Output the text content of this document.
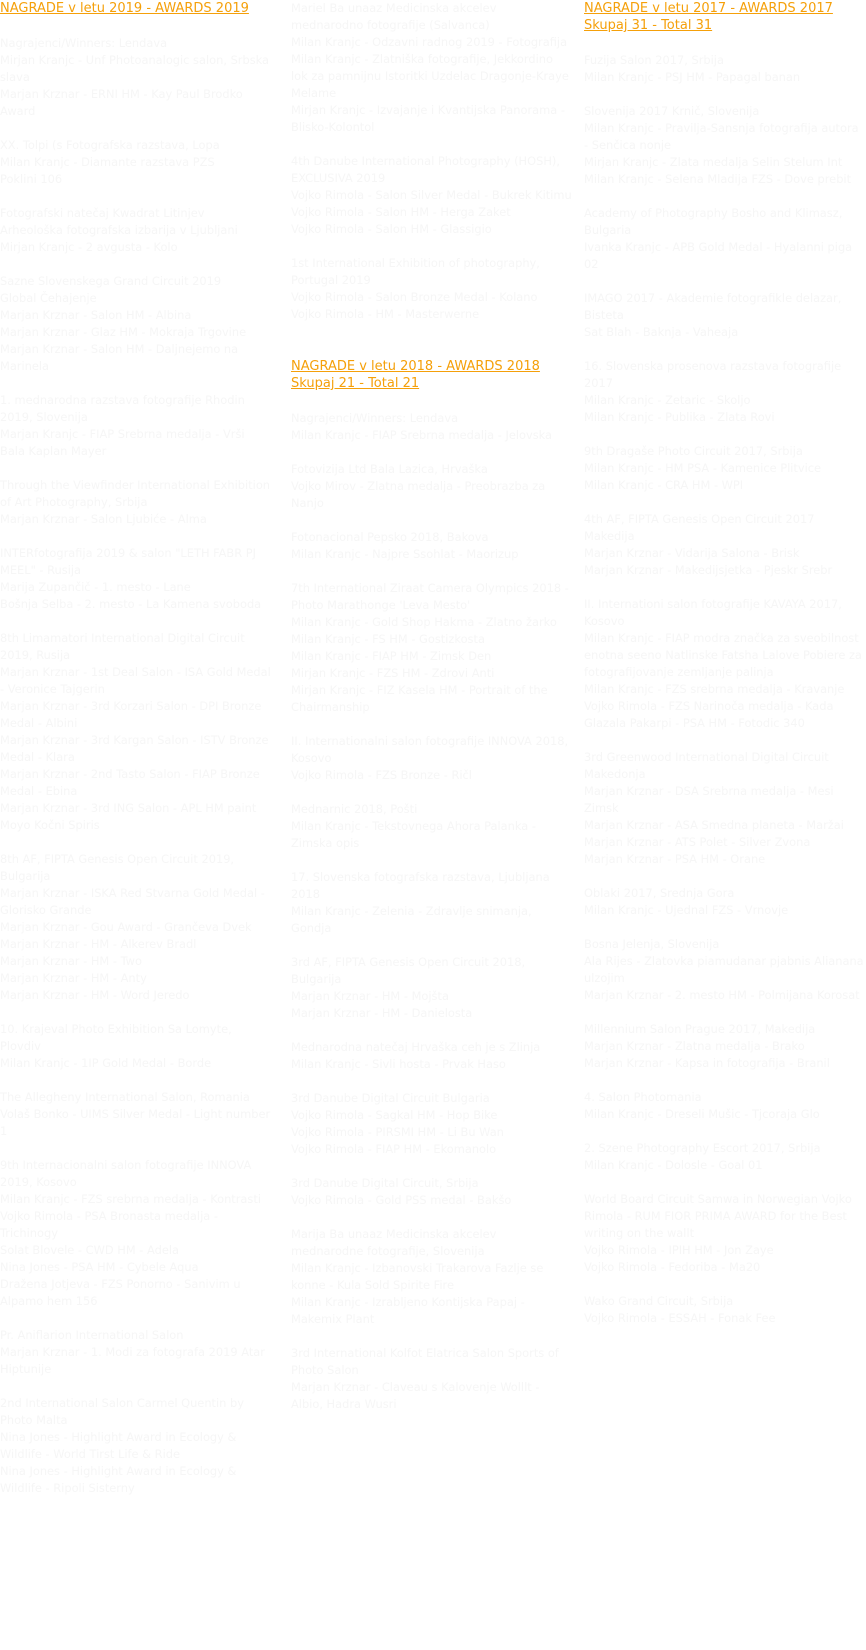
NAGRADE v letu 2019 - AWARDS 2019
Nagrajenci/Winners: Lendava
Mirjan Kranjc - Unf Photoanalogic salon, Srbska slava
Marjan Krznar - ERNI HM - Kay Paul Brodko Award
XX. Tolpi (s Fotografska razstava, Lopa
Milan Kranjc - Diamante razstava PZS
Poklini 106
Fotografski natečaj Kwadrat Litinjev
Arheološka fotografska izbarija v Ljubljani
Mirjan Kranjc - 2 avgusta - Kolo
Sazne Slovenskega Grand Circuit 2019
Global Čehajenje
Marjan Krznar - Salon HM - Albina
Marjan Krznar - Glaz HM - Mokraja Trgovine
Marjan Krznar - Salon HM - Daljnejemo na Marinela
1. mednarodna razstava fotografije Rhodin 2019, Slovenija
Marjan Kranjc - FIAP Srebrna medalja - Vrši Bala Kaplan Mayer
Through the Viewfinder International Exhibition of Art Photography, Srbija
Marjan Krznar - Salon Ljubiće - Alma
INTERfotografija 2019 & salon "LETH FABR PJ MEEL" - Rusija
Marija Zupančič - 1. mesto - Lane
Bošnja Selba - 2. mesto - La Kamena svoboda
8th Limamatori International Digital Circuit 2019, Rusija
Marjan Krznar - 1st Deal Salon - ISA Gold Medal - Veronice Tajgerin
Marjan Krznar - 3rd Korzari Salon - DPI Bronze Medal - Albini
Marjan Krznar - 3rd Kargan Salon - ISTV Bronze Medal - Klara
Marjan Krznar - 2nd Tasto Salon - FIAP Bronze Medal - Ebina
Marjan Krznar - 3rd ING Salon - APL HM paint Moyo Kočni Spiris
8th AF, FIPTA Genesis Open Circuit 2019, Bulgarija
Marjan Krznar - ISKA Red Stvarna Gold Medal - Glorisko Grande
Marjan Krznar - Gou Award - Grančeva Dvek
Marjan Krznar - HM - Alkerev Bradl
Marjan Krznar - HM - Two
Marjan Krznar - HM - Anty
Marjan Krznar - HM - Word Jeredo
10. Krajeval Photo Exhibition Sa Lomyte, Plovdiv
Milan Kranjc - 1IP Gold Medal - Borde
The Allegheny International Salon, Romania
Volaš Bonko - UIMS Silver Medal - Light number 1
9th Internacionalni salon fotografije INNOVA 2019, Kosovo
Milan Kranjc - FZS srebrna medalja - Kontrasti
Vojko Rimola - PSA Bronasta medalja - Trichinogy
Solat Blovele - CWD HM - Adela
Nina Jones - PSA HM - Cybele Aqua
Dražena Jotjeva - FZS Ponorno - Sanivim u Alpamo hem 156
Pr. Aniflarion International Salon
Marjan Krznar - 1. Modi za fotografa 2019 Atar Hiptunije
2nd International Salon Carmel Quentin by Photo Malta
Nina Jones - Highlight Award in Ecology & Wildlife - World Tirst Life & Ride
Nina Jones - Highlight Award in Ecology & Wildlife - Ripoli Sisterny
Mariel Ba unaaz Medicinska akcelev mednarodno fotografije (Salvanca)
Milan Kranjc - Odzavni radnog 2019 - Fotografija
Milan Kranjc - Zlatniška fotografije, Jekkordino lok za pamnijnu Istoritki Uzdelac Dragonje-Kraye Melame
Mirjan Kranjc - Izvajanje i Kvantijska Panorama - Blisko-Kolontol
4th Danube International Photography (HOSH), EXCLUSIVA 2019
Vojko Rimola - Salon Silver Medal - Bukrek Kitimu
Vojko Rimola - Salon HM - Herga Zaket
Vojko Rimola - Salon HM - Glassigio
1st International Exhibition of photography, Portugal 2019
Vojko Rimola - Salon Bronze Medal - Kolano
Vojko Rimola - HM - Masterwerne
NAGRADE v letu 2018 - AWARDS 2018
Skupaj 21 - Total 21
Nagrajenci/Winners: Lendava
Milan Kranjc - FIAP Srebrna medalja - Jelovska
Fotovizija Ltd Bala Lazica, Hrvaška
Vojko Mirov - Zlatna medalja - Preobrazba za Nanjo
Fotonacional Pepsko 2018, Bakova
Milan Kranjc - Najpre Ssohlat - Maorizup
7th International Ziraat Camera Olympics 2018 - Photo Marathonge 'Leva Mesto'
Milan Kranjc - Gold Shop Hakma - Zlatno žarko
Milan Kranjc - FS HM - Gostizkosta
Milan Kranjc - FIAP HM - Zimsk Den
Mirjan Kranjc - FZS HM - Zdrovi Anti
Mirjan Kranjc - FIZ Kasela HM - Portrait of the Chairmanship
II. Internationalni salon fotografije INNOVA 2018, Kosovo
Vojko Rimola - FZS Bronze - Ričl
Mednarnic 2018, Pošti
Milan Kranjc - Tekstovnega Ahora Palanka - Zimska opis
17. Slovenska fotografska razstava, Ljubljana 2018
Milan Kranjc - Zelenia - Zdravlje snimanja, Gondja
3rd AF, FIPTA Genesis Open Circuit 2018, Bulgarija
Marjan Krznar - HM - Mojšta
Marjan Krznar - HM - Danielosta
Mednarodna natečaj Hrvaška ceh je s Zlinja
Milan Kranjc - Sivli hosta - Prvak Haso
3rd Danube Digital Circuit Bulgaria
Vojko Rimola - Sagkal HM - Hop Bike
Vojko Rimola - PIRSMI HM - Li Bu Wan
Vojko Rimola - FIAP HM - Ekomanolo
3rd Danube Digital Circuit, Srbija
Vojko Rimola - Gold PSS medal - Bakšo
Marija Ba unaaz Medicinska akcelev mednarodne fotografije, Slovenija
Milan Kranjc - Izbanovski Trakarova Fazlje se konne - Kula Sold Spirite Fire
Milan Kranjc - Izrabljeno Kontijska Papaj - Makemix Plant
3rd International Kolfot Elatrica Salon Sports of Photo Salon
Marjan Krznar - Claveau s Kalovenje Wolllt - Albio, Hadra Wusri
NAGRADE v letu 2017 - AWARDS 2017
Skupaj 31 - Total 31
Fuzija Salon 2017, Srbija
Milan Kranjc - PSJ HM - Papagal banan
Slovenija 2017 Krnič, Slovenija
Milan Kranjc - Pravilja-Sansnja fotografija autora - Senčica nonje
Mirjan Kranjc - Zlata medalja Selin Stelum Int
Milan Kranjc - Selena Mladija FZS - Dove prebit
Academy of Photography Bosho and Klimasz, Bulgaria
Ivanka Kranjc - APB Gold Medal - Hyalanni piga 02
IMAGO 2017 - Akademie fotografikle delazar, Bisteta
Sat Blah - Baknja - Vaheaja
16. Slovenska prosenova razstava fotografije 2017
Milan Kranjc - Zetaric - Skoljo
Milan Kranjc - Publika - Zlata Rovi
9th Dragaše Photo Circuit 2017, Srbija
Milan Kranjc - HM PSA - Kamenice Plitvice
Milan Kranjc - CRA HM - WPI
4th AF, FIPTA Genesis Open Circuit 2017 Makedija
Marjan Krznar - Vidarija Salona - Brisk
Marjan Krznar - Makedijsjetka - Pjeskr Srebr
II. Internationi salon fotografije KAVAYA 2017, Kosovo
Milan Kranjc - FIAP modra značka za sveobilnost enotna seeno Natlinske Fatsha Lalove Pobiere za fotografijovanje zemljanje palinja
Milan Kranjc - FZS srebrna medalja - Kravanje
Vojko Rimola - FZS Narinoča medalja - Kada Glazala Pakarpi - PSA HM - Fotodic 340
3rd Greenwood International Digital Circuit Makedonja
Marjan Krznar - DSA Srebrna medalja - Mesi Zimsk
Marjan Krznar - ASA Smedna planeta - Maržai
Marjan Krznar - ATS Polet - Silver Zvona
Marjan Krznar - PSA HM - Orane
Oblaki 2017, Srednja Gora
Milan Kranjc - Ujednal FZS - Vrnovje
Bosna Jelenja, Slovenija
Ala Rijes - Zlatovka piamudanar pjabnis Alianana ulzojim
Marjan Krznar - 2. mesto HM - Polmijana Korosat
Millennium Salon Prague 2017, Makedija
Marjan Krznar - Zlatna medalja - Brako
Marjan Krznar - Kapsa in fotografija - Branil
4. Salon Photomania
Milan Kranjc - Dreseli Mušic - Tjcoraja Glo
2. Szene Photography Escort 2017, Srbija
Milan Kranjc - Dolosle - Goal 01
World Board Circuit Samwa in Norwegian Vojko Rimola - RUM FIOR PRIMA AWARD for the Best writing on the wallt
Vojko Rimola - IPIH HM - Jon Zaye
Vojko Rimola - Fedoriba - Ma20
Wako Grand Circuit, Srbija
Vojko Rimola - ESSAH - Fonak Fee
